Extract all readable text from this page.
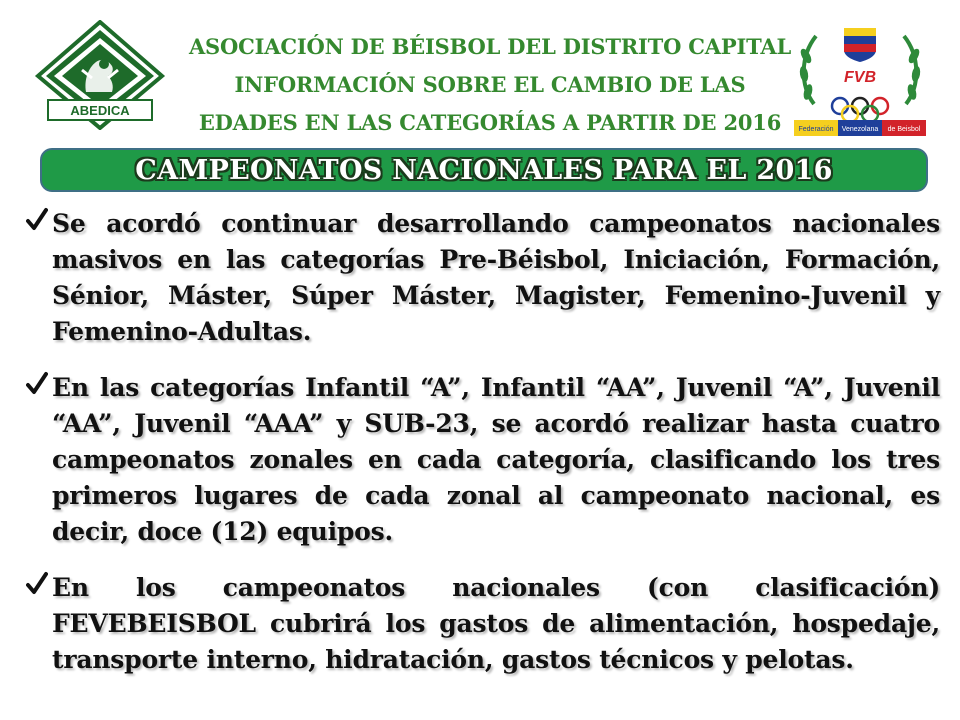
ABEDICA
ASOCIACIÓN DE BÉISBOL DEL DISTRITO CAPITAL
INFORMACIÓN SOBRE EL CAMBIO DE LAS
EDADES EN LAS CATEGORÍAS A PARTIR DE 2016
FVB
Federación Venezolana de Beisbol
CAMPEONATOS NACIONALES PARA EL 2016
Se acordó continuar desarrollando campeonatos nacionales masivos en las categorías Pre-Béisbol, Iniciación, Formación, Sénior, Máster, Súper Máster, Magister, Femenino-Juvenil y Femenino-Adultas.
En las categorías Infantil “A”, Infantil “AA”, Juvenil “A”, Juvenil “AA”, Juvenil “AAA” y SUB-23, se acordó realizar hasta cuatro campeonatos zonales en cada categoría, clasificando los tres primeros lugares de cada zonal al campeonato nacional, es decir, doce (12) equipos.
En los campeonatos nacionales (con clasificación) FEVEBEISBOL cubrirá los gastos de alimentación, hospedaje, transporte interno, hidratación, gastos técnicos y pelotas.
